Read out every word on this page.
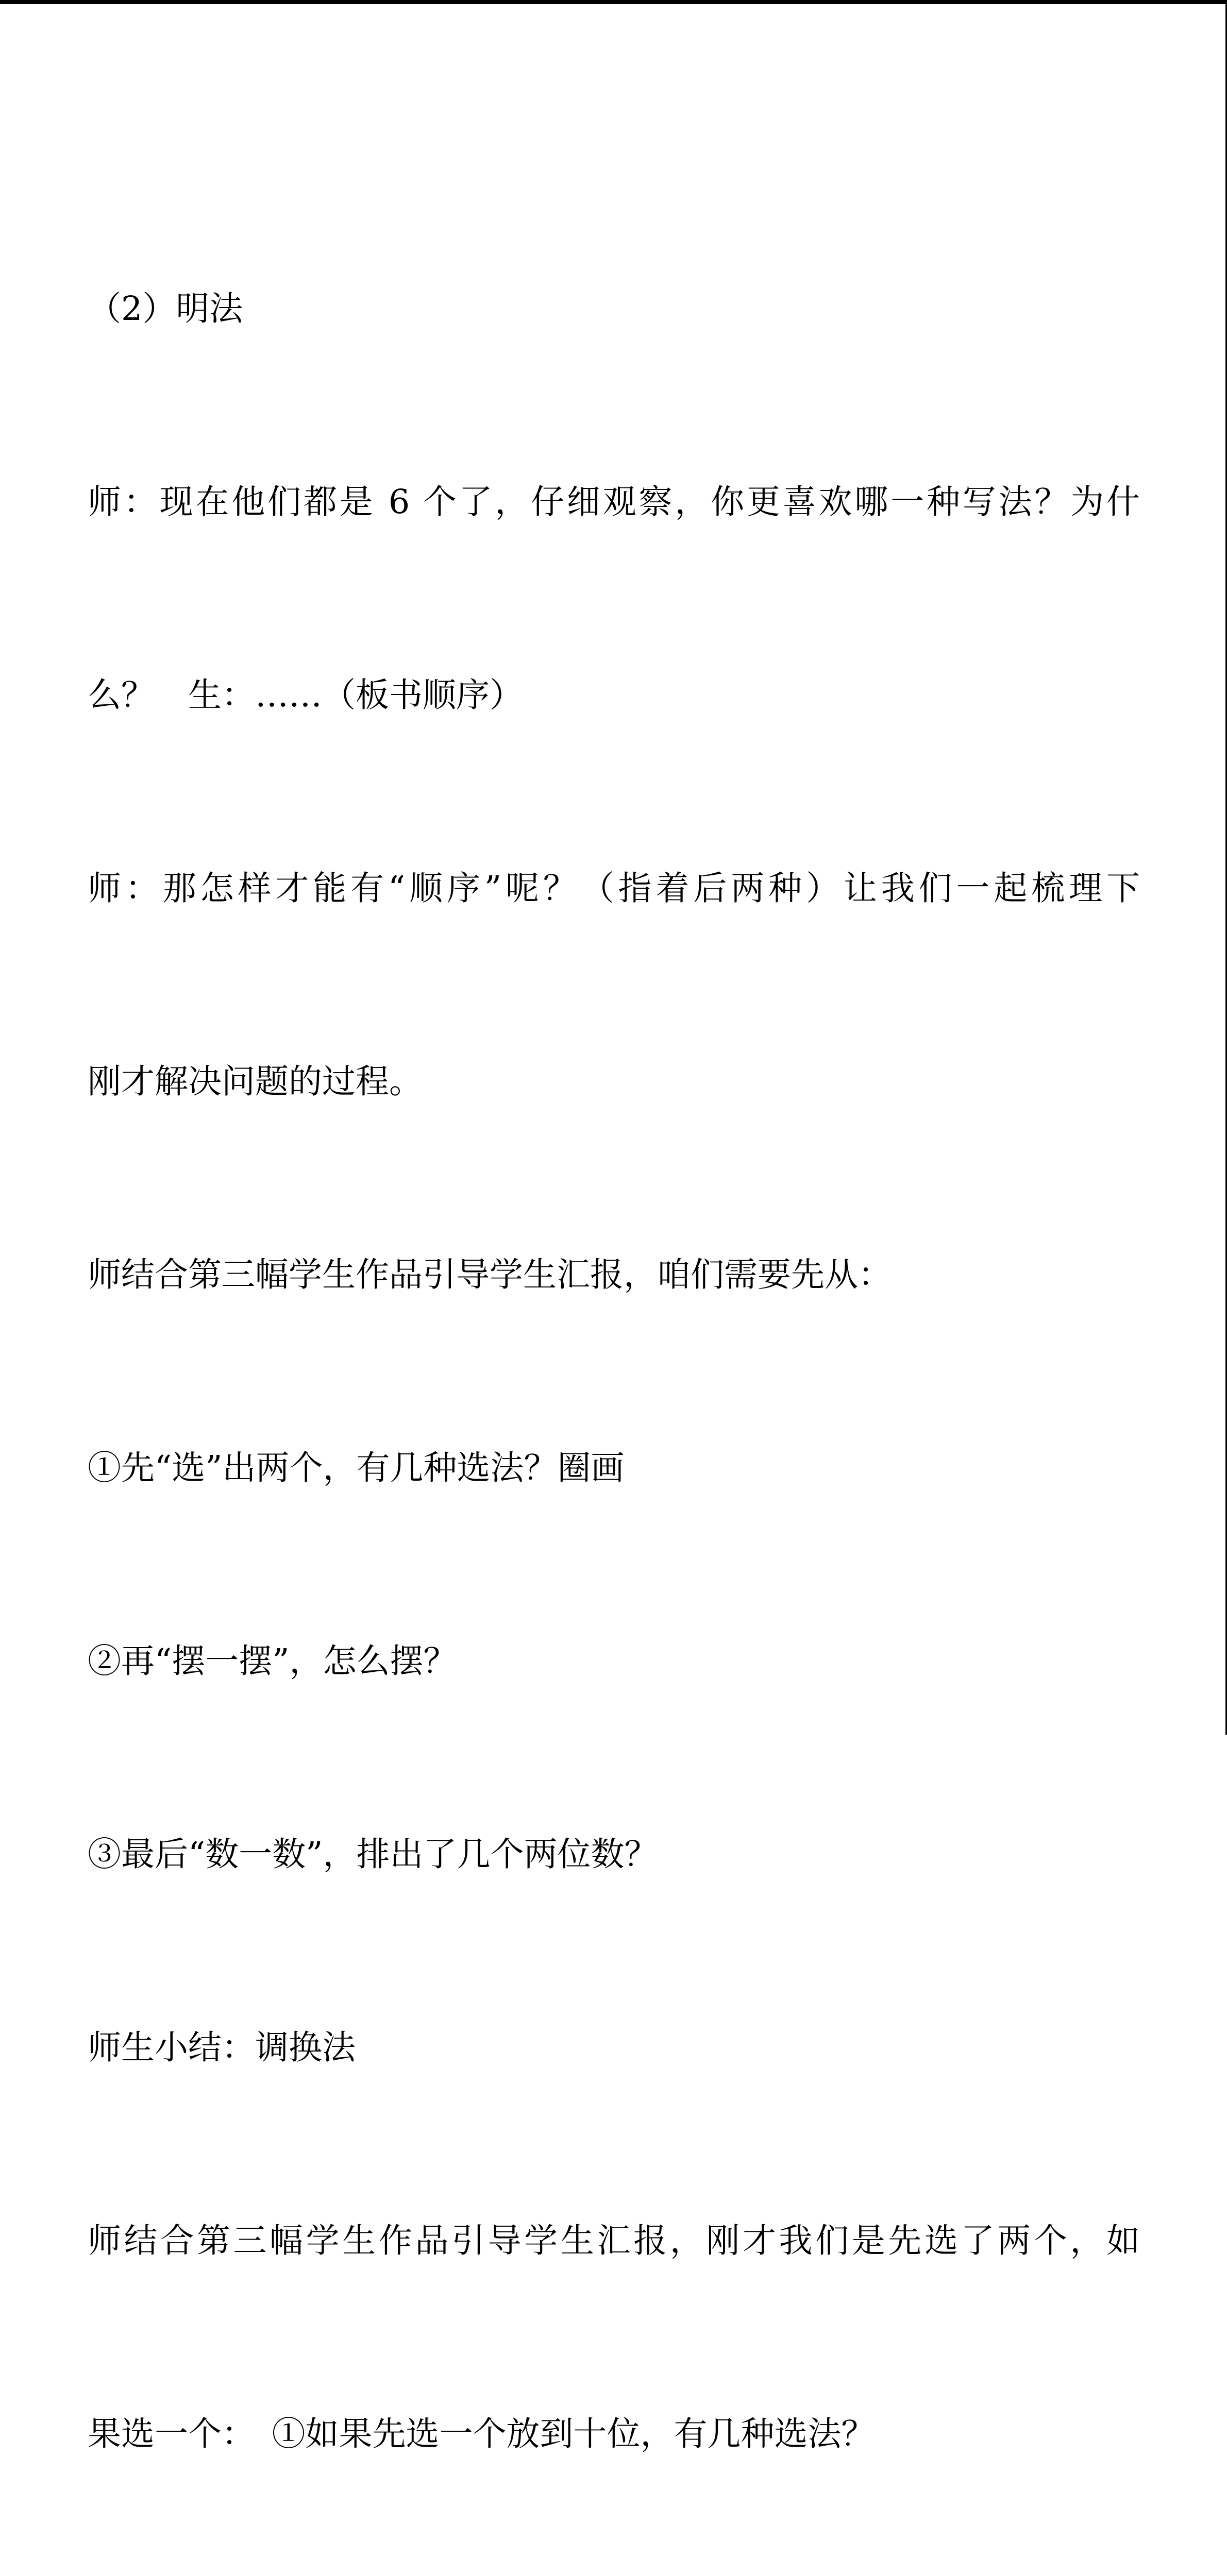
（2）明法

师：现在他们都是 6 个了，仔细观察，你更喜欢哪一种写法？为什

么？　生：……（板书顺序）

师：那怎样才能有“顺序”呢？（指着后两种）让我们一起梳理下

刚才解决问题的过程。

师结合第三幅学生作品引导学生汇报，咱们需要先从：

①先“选”出两个，有几种选法？圈画

②再“摆一摆”，怎么摆？

③最后“数一数”，排出了几个两位数？

师生小结：调换法

师结合第三幅学生作品引导学生汇报，刚才我们是先选了两个，如

果选一个：　①如果先选一个放到十位，有几种选法？
